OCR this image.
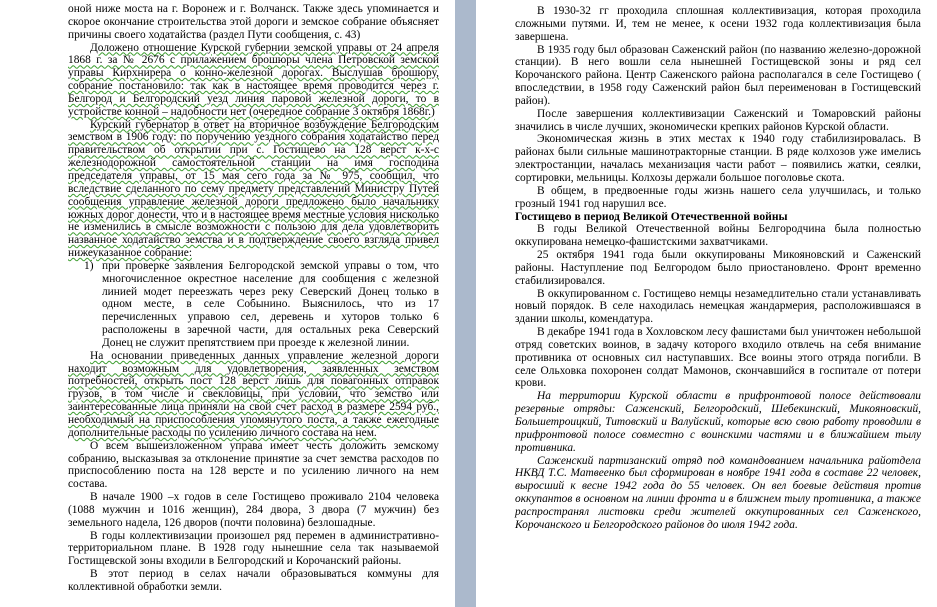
оной ниже моста на г. Воронеж и г. Волчанск. Также здесь упоминается и скорое окончание строительства этой дороги и земское собрание объясняет причины своего ходатайства (раздел Пути сообщения, с. 43)

Доложено отношение Курской губернии земской управы от 24 апреля 1868 г. за № 2676 с прилажением брошюры члена Петровской земской управы Кирхнирера о конно-железной дорогах. Выслушав брошюру, собрание постановило: так как в настоящее время проводится через г. Белгород и Белгородский уезд линия паровой железной дороги, то в устройстве конной – надобности нет (очередное собрание 3 октября 1868г.)

Курский губернатор в ответ на вторичное возбуждение Белгородским земством в 1906 году: по поручению уездного собрания ходатайство перед правительством об открытии при с. Гостищево на 128 верст к-х-с железнодорожной самостоятельной станции на имя господина председателя управы, от 15 мая сего года за № 975, сообщил, что вследствие сделанного по сему предмету представлений Министру Путей сообщения управление железной дороги предложено было начальнику южных дорог донести, что и в настоящее время местные условия нисколько не изменились в смысле возможности с пользою для дела удовлетворить названное ходатайство земства и в подтверждение своего взгляда привел нижеуказанное собрание:

1) при проверке заявления Белгородской земской управы о том, что многочисленное окрестное население для сообщения с железной линией модет переезжать через реку Северский Донец только в одном месте, в селе Собынино. Выяснилось, что из 17 перечисленных управою сел, деревень и хуторов только 6 расположены в заречной части, для остальных река Северский Донец не служит препятствием при проезде к железной линии.

На основании приведенных данных управление железной дороги находит возможным для удовлетворения, заявленных земством потребностей, открыть пост 128 верст лишь для повагонных отправок грузов, в том числе и свекловицы, при условии, что земство или заинтересованные лица приняли на свой счет расход в размере 2594 руб., необходимый на приспособления упомянутого поста, а также ежегодные дополнительные расходы по усилению личного состава на нем.

О всем вышеизложенном управа имеет честь доложить земскому собранию, высказывая за отклонение принятие за счет земства расходов по приспособлению поста на 128 версте и по усилению личного на нем состава.

В начале 1900 –х годов в селе Гостищево проживало 2104 человека (1088 мужчин и 1016 женщин), 284 двора, 3 двора (7 мужчин) без земельного надела, 126 дворов (почти половина) безлошадные.

В годы коллективизации произошел ряд перемен в административно-территориальном плане. В 1928 году нынешние села так называемой Гостищевской зоны входили в Белгородский и Корочанский районы.

В этот период в селах начали образовываться коммуны для коллективной обработки земли.

В 1930-32 гг проходила сплошная коллективизация, которая проходила сложными путями. И, тем не менее, к осени 1932 года коллективизация была завершена.

В 1935 году был образован Саженский район (по названию железно-дорожной станции). В него вошли села нынешней Гостищевской зоны и ряд сел Корочанского района. Центр Саженского района располагался в селе Гостищево ( впоследствии, в 1958 году Саженский район был переименован в Гостищевский район).

После завершения коллективизации Саженский и Томаровский районы значились в числе лучших, экономически крепких районов Курской области.

Экономическая жизнь в этих местах к 1940 году стабилизировалась. В районах были сильные машинотракторные станции. В ряде колхозов уже имелись электростанции, началась механизация части работ – появились жатки, сеялки, сортировки, мельницы. Колхозы держали большое поголовье скота.

В общем, в предвоенные годы жизнь нашего села улучшилась, и только грозный 1941 год нарушил все.

Гостищево в период Великой Отечественной войны

В годы Великой Отечественной войны Белгородчина была полностью оккупирована немецко-фашистскими захватчиками.

25 октября 1941 года были оккупированы Микояновский и Саженский районы. Наступление под Белгородом было приостановлено. Фронт временно стабилизировался.

В оккупированном с. Гостищево немцы незамедлительно стали устанавливать новый порядок. В селе находилась немецкая жандармерия, расположившаяся в здании школы, комендатура.

В декабре 1941 года в Хохловском лесу фашистами был уничтожен небольшой отряд советских воинов, в задачу которого входило отвлечь на себя внимание противника от основных сил наступавших. Все воины этого отряда погибли. В селе Ольховка похоронен солдат Мамонов, скончавшийся в госпитале от потери крови.

На территории Курской области в прифронтовой полосе действовали резервные отряды: Саженский, Белгородский, Шебекинский, Микояновский, Большетроицкий, Титовский и Валуйский, которые всю свою работу проводили в прифронтовой полосе совместно с воинскими частями и в ближайшем тылу противника.

Саженский партизанский отряд под командованием начальника райотдела НКВД Т.С. Матвеенко был сформирован в ноябре 1941 года в составе 22 человек, выросший к весне 1942 года до 55 человек. Он вел боевые действия против оккупантов в основном на линии фронта и в ближнем тылу противника, а также распространял листовки среди жителей оккупированных сел Саженского, Корочанского и Белгородского районов до июля 1942 года.
